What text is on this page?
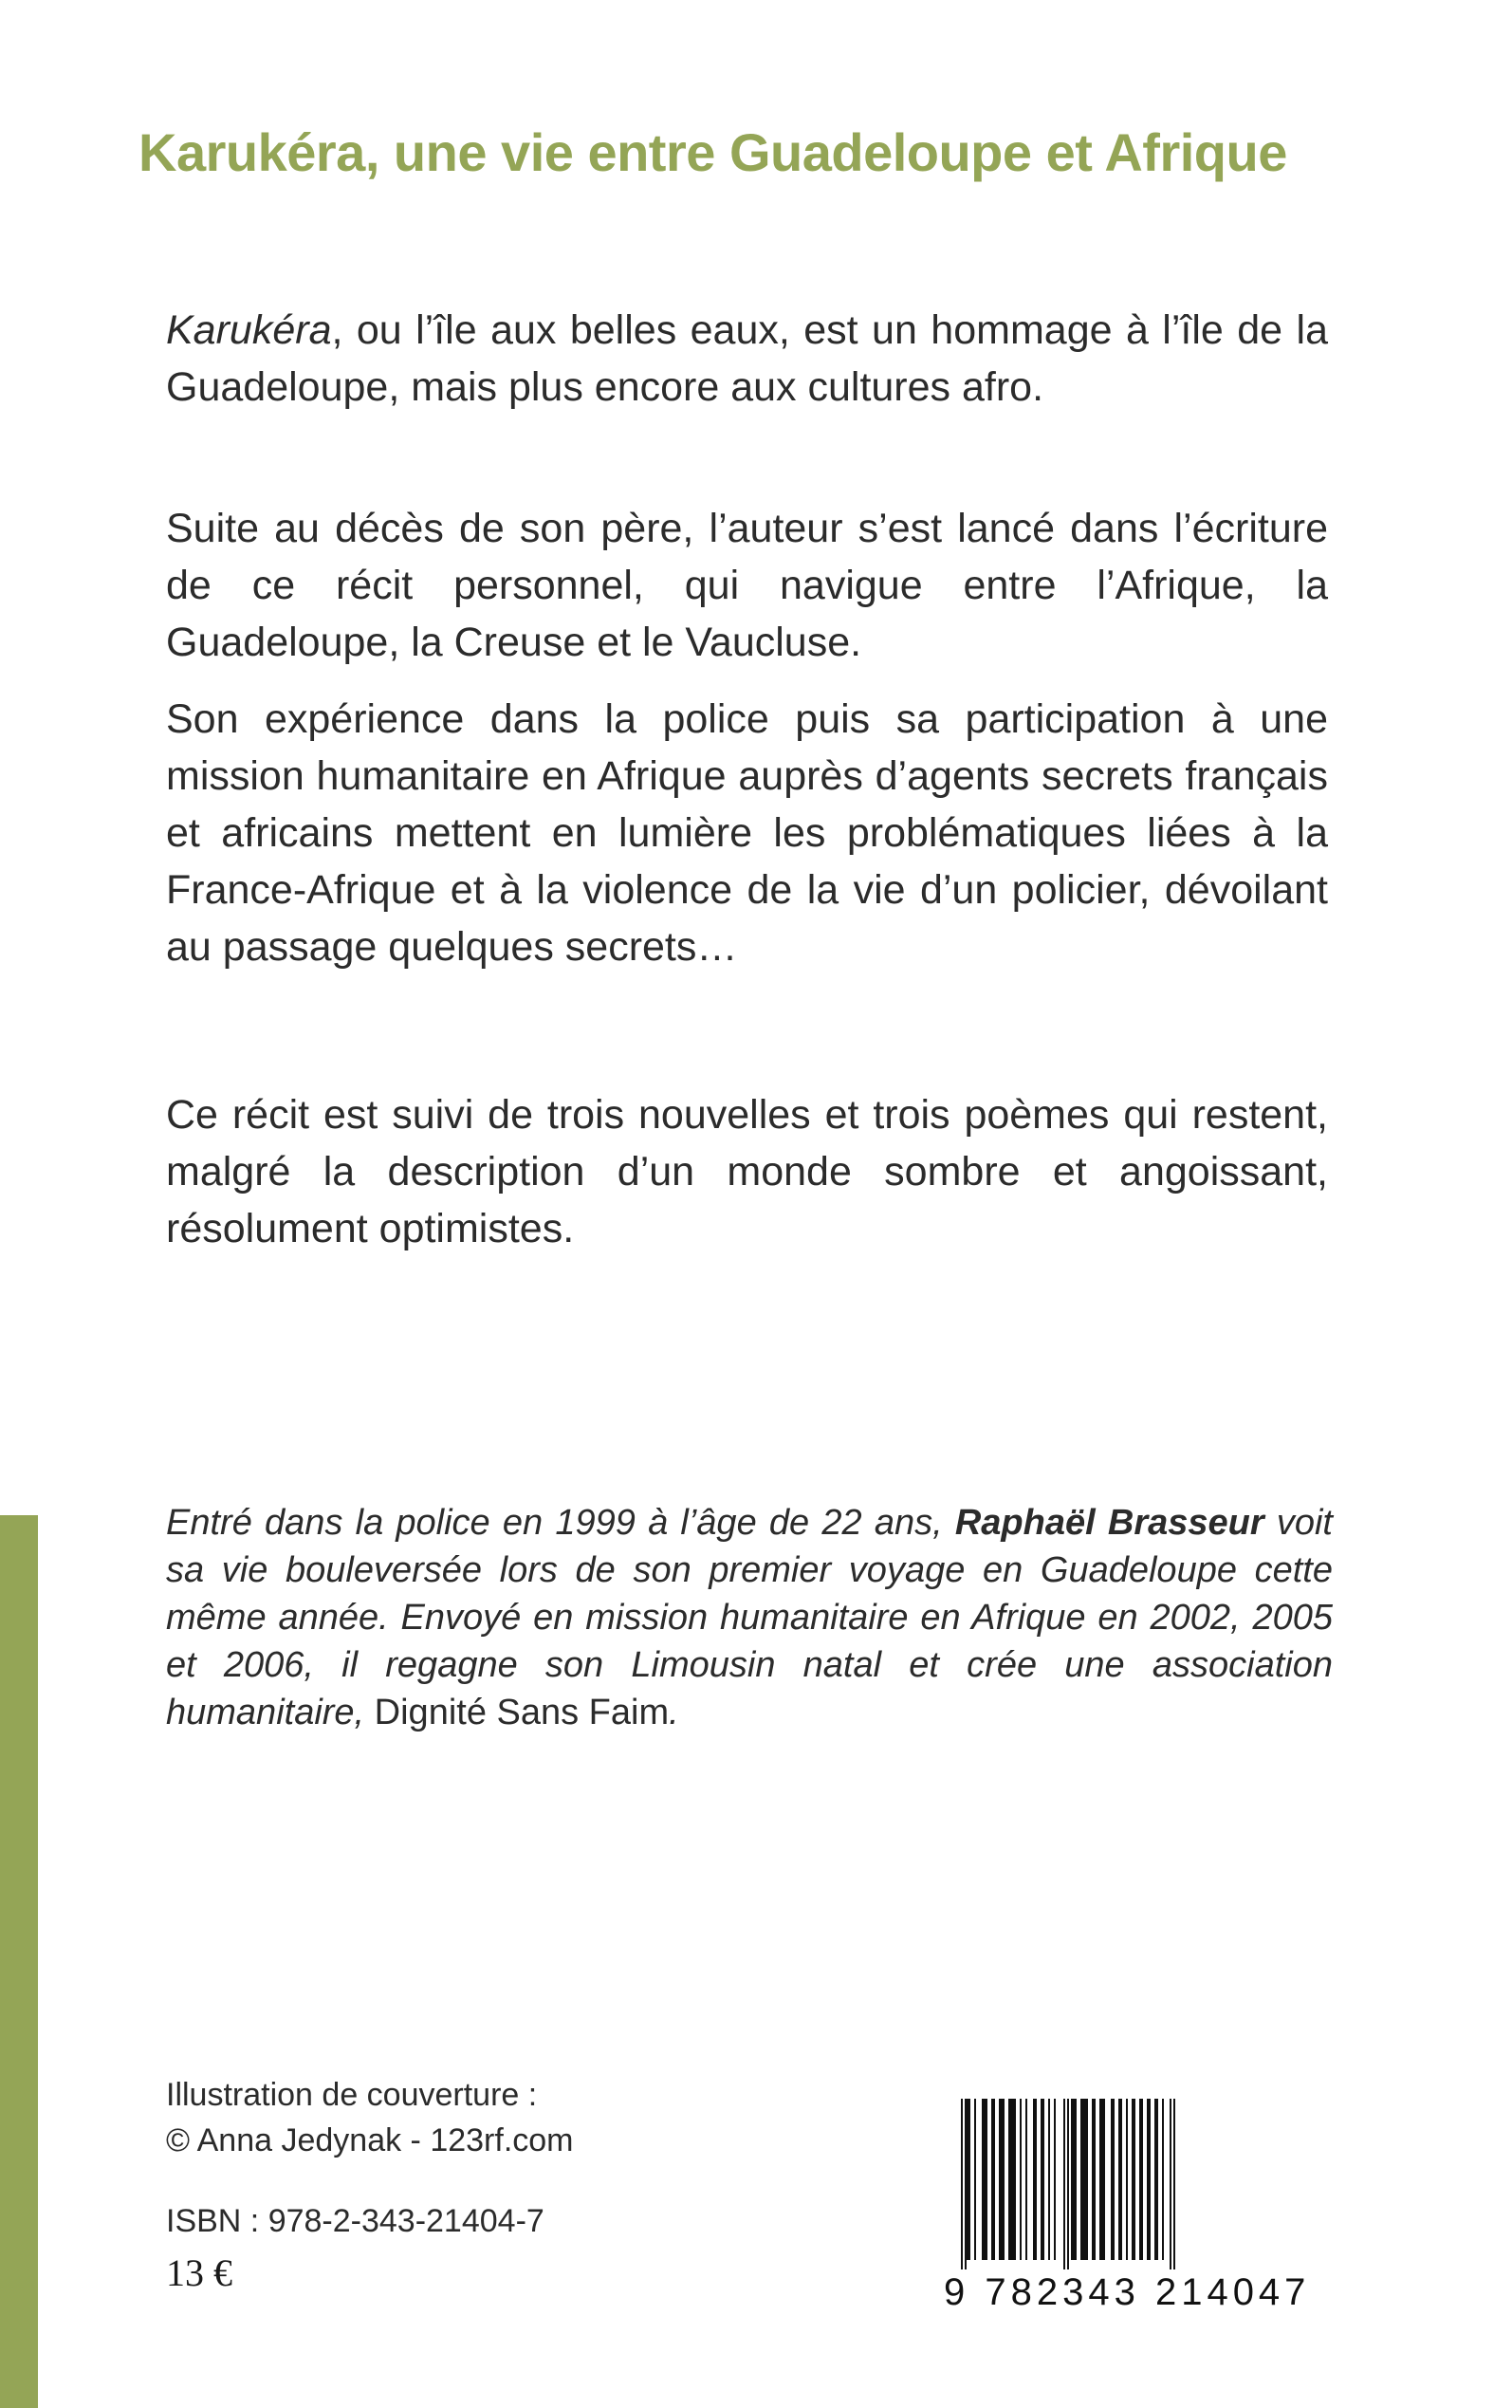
Karukéra, une vie entre Guadeloupe et Afrique

Karukéra, ou l’île aux belles eaux, est un hommage à l’île de la Guadeloupe, mais plus encore aux cultures afro.

Suite au décès de son père, l’auteur s’est lancé dans l’écriture de ce récit personnel, qui navigue entre l’Afrique, la Guadeloupe, la Creuse et le Vaucluse.

Son expérience dans la police puis sa participation à une mission humanitaire en Afrique auprès d’agents secrets français et africains mettent en lumière les problématiques liées à la France-Afrique et à la violence de la vie d’un policier, dévoilant au passage quelques secrets…

Ce récit est suivi de trois nouvelles et trois poèmes qui restent, malgré la description d’un monde sombre et angoissant, résolument optimistes.

Entré dans la police en 1999 à l’âge de 22 ans, Raphaël Brasseur voit sa vie bouleversée lors de son premier voyage en Guadeloupe cette même année. Envoyé en mission humanitaire en Afrique en 2002, 2005 et 2006, il regagne son Limousin natal et crée une association humanitaire, Dignité Sans Faim.

Illustration de couverture :
© Anna Jedynak - 123rf.com
ISBN : 978-2-343-21404-7
13 €	9 782343 214047
